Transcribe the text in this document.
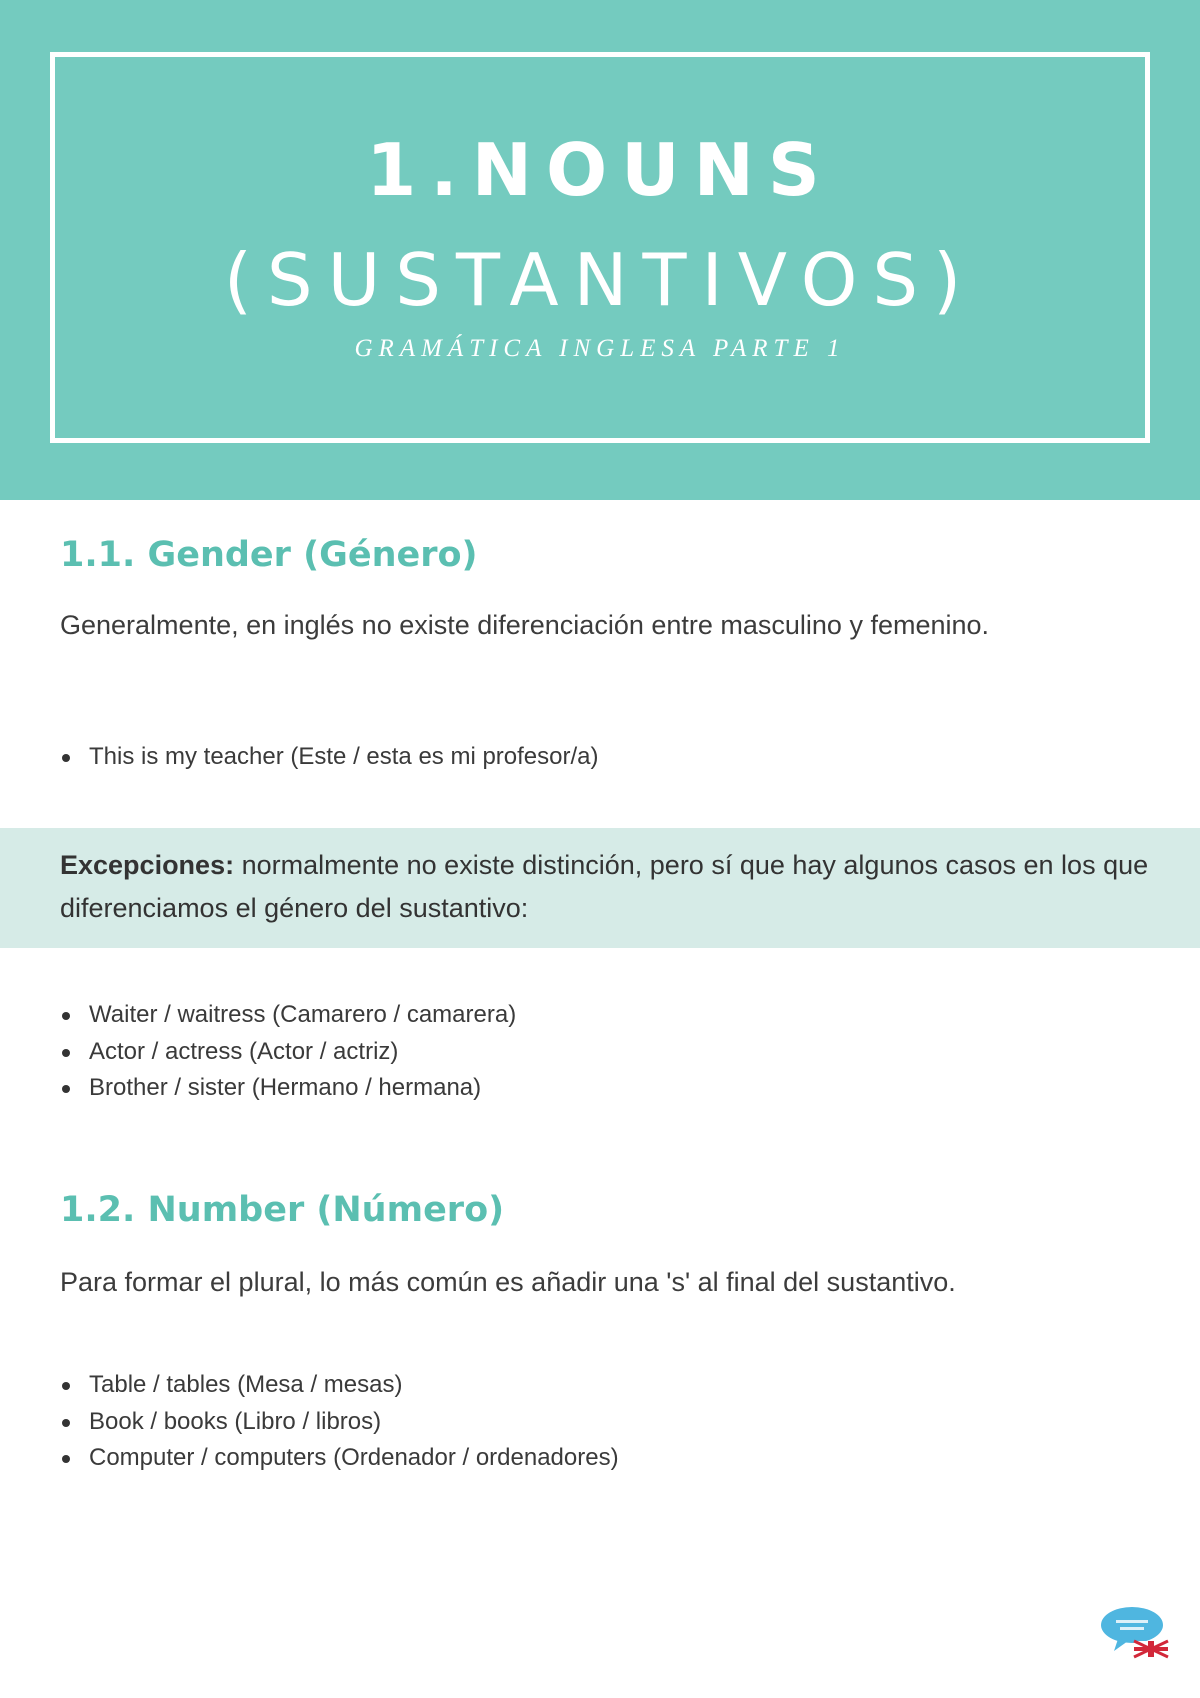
1.NOUNS
(SUSTANTIVOS)
GRAMÁTICA INGLESA PARTE 1
1.1. Gender (Género)

Generalmente, en inglés no existe diferenciación entre masculino y femenino.

This is my teacher (Este / esta es mi profesor/a)

Excepciones: normalmente no existe distinción, pero sí que hay algunos casos en los que diferenciamos el género del sustantivo:

Waiter / waitress (Camarero / camarera)
Actor / actress (Actor / actriz)
Brother / sister (Hermano / hermana)
1.2. Number (Número)

Para formar el plural, lo más común es añadir una 's' al final del sustantivo.

Table / tables (Mesa / mesas)
Book / books (Libro / libros)
Computer / computers (Ordenador / ordenadores)
